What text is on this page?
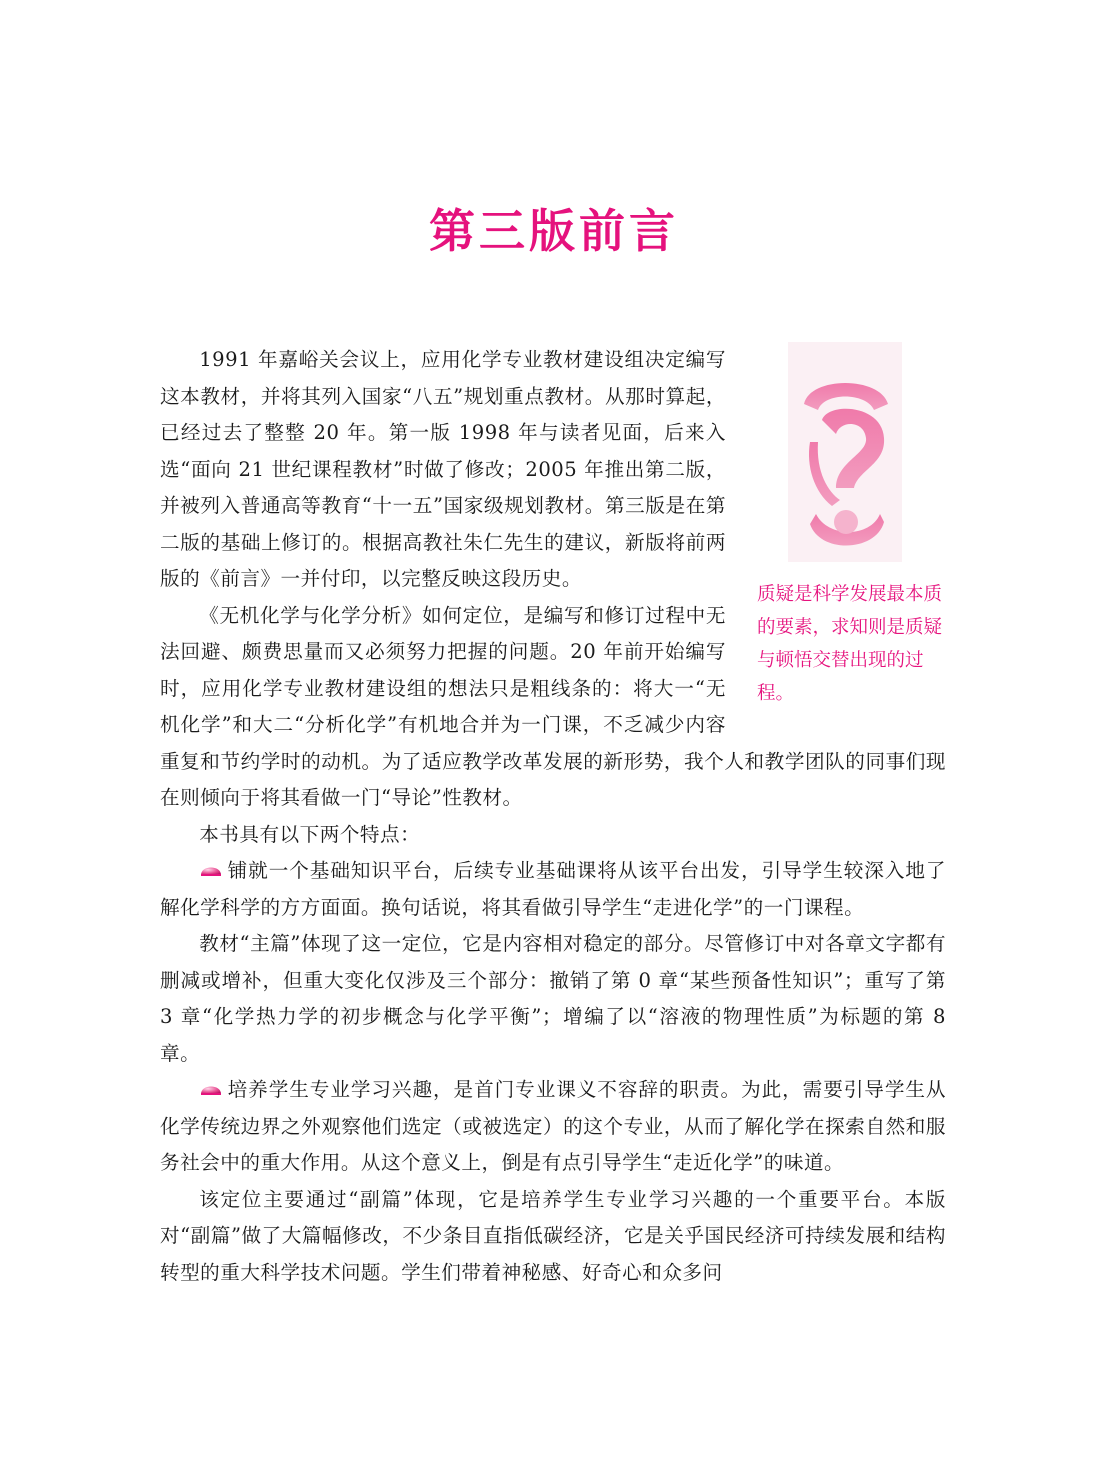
第三版前言
质疑是科学发展最本质的要素，求知则是质疑与顿悟交替出现的过程。

1991 年嘉峪关会议上，应用化学专业教材建设组决定编写这本教材，并将其列入国家“八五”规划重点教材。从那时算起，已经过去了整整 20 年。第一版 1998 年与读者见面，后来入选“面向 21 世纪课程教材”时做了修改；2005 年推出第二版，并被列入普通高等教育“十一五”国家级规划教材。第三版是在第二版的基础上修订的。根据高教社朱仁先生的建议，新版将前两版的《前言》一并付印，以完整反映这段历史。

《无机化学与化学分析》如何定位，是编写和修订过程中无法回避、颇费思量而又必须努力把握的问题。20 年前开始编写时，应用化学专业教材建设组的想法只是粗线条的：将大一“无机化学”和大二“分析化学”有机地合并为一门课，不乏减少内容重复和节约学时的动机。为了适应教学改革发展的新形势，我个人和教学团队的同事们现在则倾向于将其看做一门“导论”性教材。

本书具有以下两个特点：

铺就一个基础知识平台，后续专业基础课将从该平台出发，引导学生较深入地了解化学科学的方方面面。换句话说，将其看做引导学生“走进化学”的一门课程。

教材“主篇”体现了这一定位，它是内容相对稳定的部分。尽管修订中对各章文字都有删减或增补，但重大变化仅涉及三个部分：撤销了第 0 章“某些预备性知识”；重写了第 3 章“化学热力学的初步概念与化学平衡”；增编了以“溶液的物理性质”为标题的第 8 章。

培养学生专业学习兴趣，是首门专业课义不容辞的职责。为此，需要引导学生从化学传统边界之外观察他们选定（或被选定）的这个专业，从而了解化学在探索自然和服务社会中的重大作用。从这个意义上，倒是有点引导学生“走近化学”的味道。

该定位主要通过“副篇”体现，它是培养学生专业学习兴趣的一个重要平台。本版对“副篇”做了大篇幅修改，不少条目直指低碳经济，它是关乎国民经济可持续发展和结构转型的重大科学技术问题。学生们带着神秘感、好奇心和众多问
